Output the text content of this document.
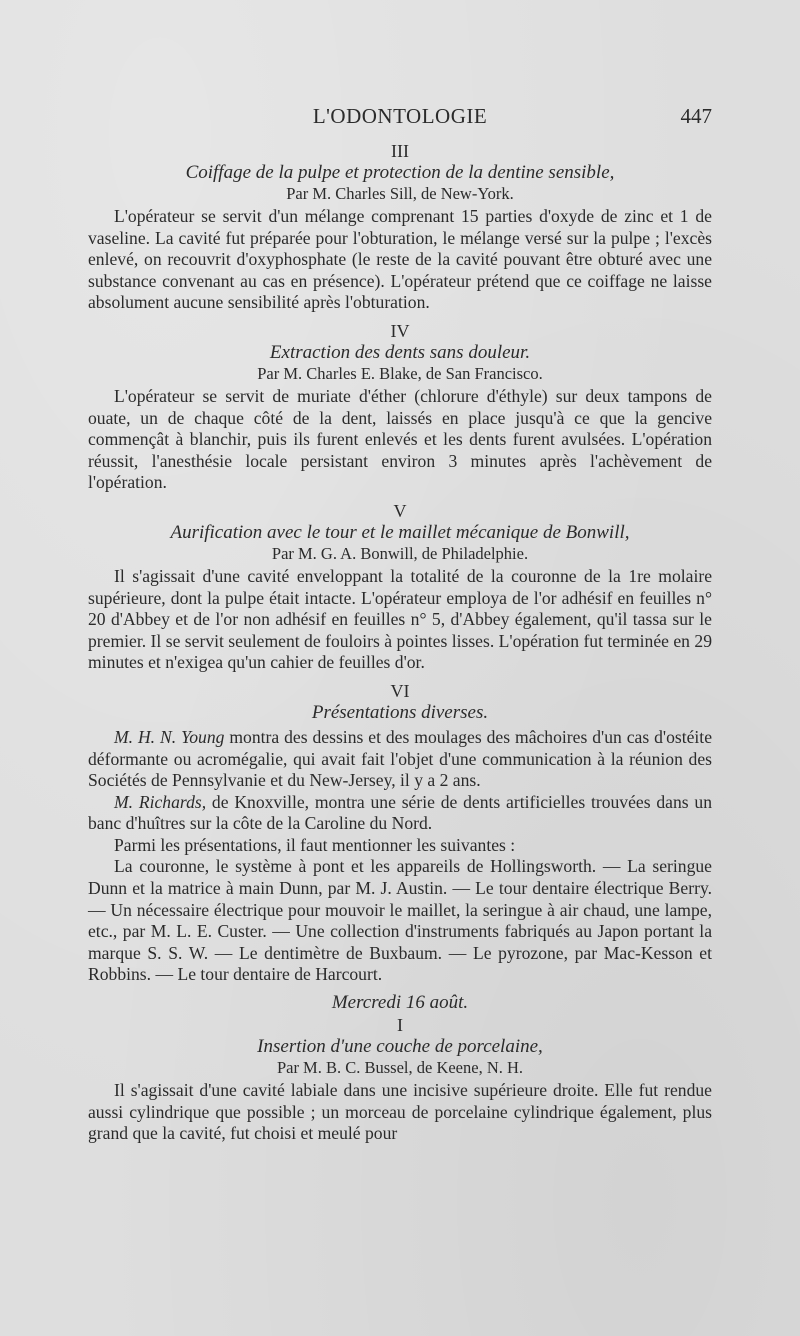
L'ODONTOLOGIE	447

III

Coiffage de la pulpe et protection de la dentine sensible,

Par M. Charles Sill, de New-York.

L'opérateur se servit d'un mélange comprenant 15 parties d'oxyde de zinc et 1 de vaseline. La cavité fut préparée pour l'obturation, le mélange versé sur la pulpe ; l'excès enlevé, on recouvrit d'oxyphosphate (le reste de la cavité pouvant être obturé avec une substance convenant au cas en présence). L'opérateur prétend que ce coiffage ne laisse absolument aucune sensibilité après l'obturation.

IV

Extraction des dents sans douleur.

Par M. Charles E. Blake, de San Francisco.

L'opérateur se servit de muriate d'éther (chlorure d'éthyle) sur deux tampons de ouate, un de chaque côté de la dent, laissés en place jusqu'à ce que la gencive commençât à blanchir, puis ils furent enlevés et les dents furent avulsées. L'opération réussit, l'anesthésie locale persistant environ 3 minutes après l'achèvement de l'opération.

V

Aurification avec le tour et le maillet mécanique de Bonwill,

Par M. G. A. Bonwill, de Philadelphie.

Il s'agissait d'une cavité enveloppant la totalité de la couronne de la 1re molaire supérieure, dont la pulpe était intacte. L'opérateur employa de l'or adhésif en feuilles n° 20 d'Abbey et de l'or non adhésif en feuilles n° 5, d'Abbey également, qu'il tassa sur le premier. Il se servit seulement de fouloirs à pointes lisses. L'opération fut terminée en 29 minutes et n'exigea qu'un cahier de feuilles d'or.

VI

Présentations diverses.

M. H. N. Young montra des dessins et des moulages des mâchoires d'un cas d'ostéite déformante ou acromégalie, qui avait fait l'objet d'une communication à la réunion des Sociétés de Pennsylvanie et du New-Jersey, il y a 2 ans.

M. Richards, de Knoxville, montra une série de dents artificielles trouvées dans un banc d'huîtres sur la côte de la Caroline du Nord.

Parmi les présentations, il faut mentionner les suivantes :

La couronne, le système à pont et les appareils de Hollingsworth. — La seringue Dunn et la matrice à main Dunn, par M. J. Austin. — Le tour dentaire électrique Berry. — Un nécessaire électrique pour mouvoir le maillet, la seringue à air chaud, une lampe, etc., par M. L. E. Custer. — Une collection d'instruments fabriqués au Japon portant la marque S. S. W. — Le dentimètre de Buxbaum. — Le pyrozone, par Mac-Kesson et Robbins. — Le tour dentaire de Harcourt.

Mercredi 16 août.

I

Insertion d'une couche de porcelaine,

Par M. B. C. Bussel, de Keene, N. H.

Il s'agissait d'une cavité labiale dans une incisive supérieure droite. Elle fut rendue aussi cylindrique que possible ; un morceau de porcelaine cylindrique également, plus grand que la cavité, fut choisi et meulé pour
